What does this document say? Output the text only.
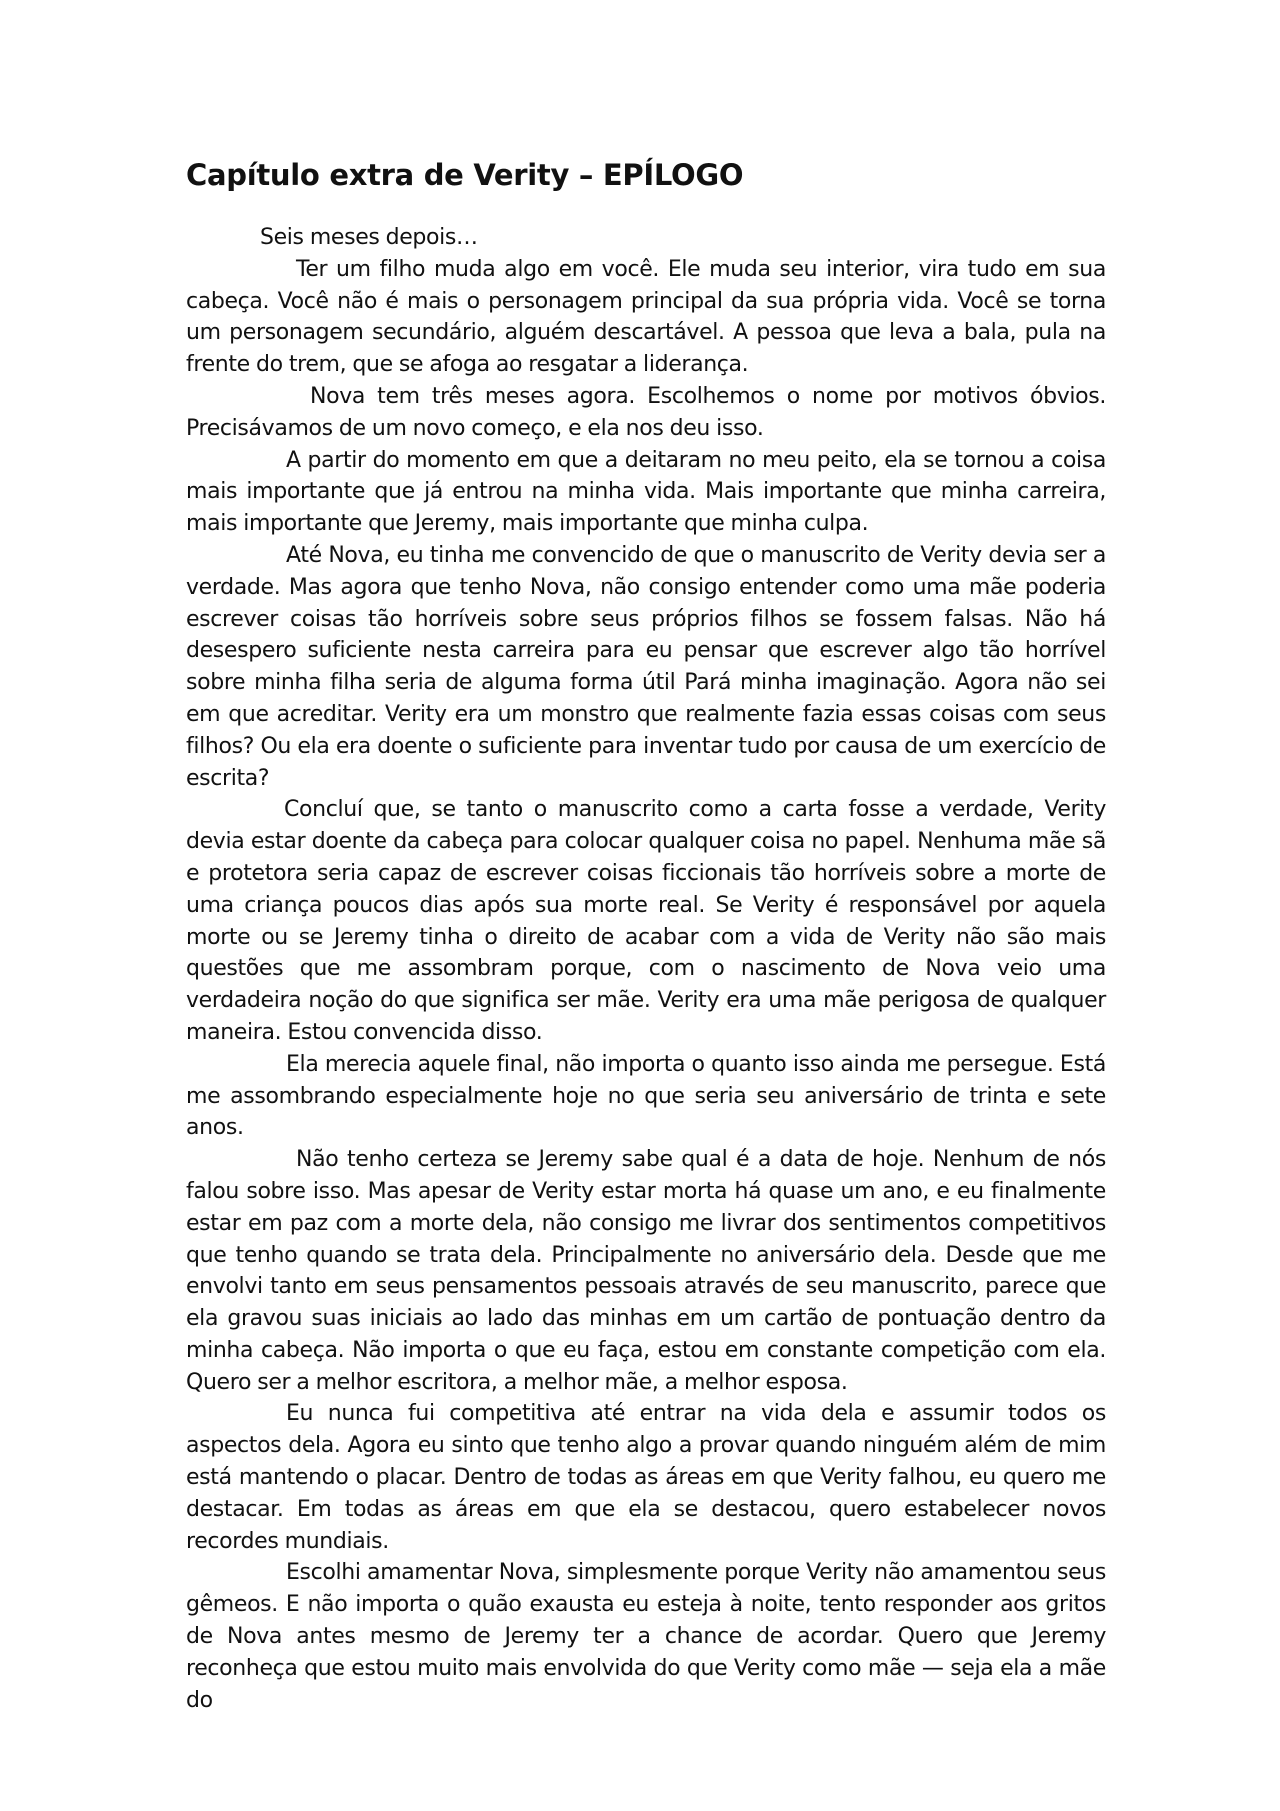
Capítulo extra de Verity – EPÍLOGO

Seis meses depois…

Ter um filho muda algo em você. Ele muda seu interior, vira tudo em sua cabeça. Você não é mais o personagem principal da sua própria vida. Você se torna um personagem secundário, alguém descartável. A pessoa que leva a bala, pula na frente do trem, que se afoga ao resgatar a liderança.

Nova tem três meses agora. Escolhemos o nome por motivos óbvios. Precisávamos de um novo começo, e ela nos deu isso.

A partir do momento em que a deitaram no meu peito, ela se tornou a coisa mais importante que já entrou na minha vida. Mais importante que minha carreira, mais importante que Jeremy, mais importante que minha culpa.

Até Nova, eu tinha me convencido de que o manuscrito de Verity devia ser a verdade. Mas agora que tenho Nova, não consigo entender como uma mãe poderia escrever coisas tão horríveis sobre seus próprios filhos se fossem falsas. Não há desespero suficiente nesta carreira para eu pensar que escrever algo tão horrível sobre minha filha seria de alguma forma útil Pará minha imaginação. Agora não sei em que acreditar. Verity era um monstro que realmente fazia essas coisas com seus filhos? Ou ela era doente o suficiente para inventar tudo por causa de um exercício de escrita?

Concluí que, se tanto o manuscrito como a carta fosse a verdade, Verity devia estar doente da cabeça para colocar qualquer coisa no papel. Nenhuma mãe sã e protetora seria capaz de escrever coisas ficcionais tão horríveis sobre a morte de uma criança poucos dias após sua morte real. Se Verity é responsável por aquela morte ou se Jeremy tinha o direito de acabar com a vida de Verity não são mais questões que me assombram porque, com o nascimento de Nova veio uma verdadeira noção do que significa ser mãe. Verity era uma mãe perigosa de qualquer maneira. Estou convencida disso.

Ela merecia aquele final, não importa o quanto isso ainda me persegue. Está me assombrando especialmente hoje no que seria seu aniversário de trinta e sete anos.

Não tenho certeza se Jeremy sabe qual é a data de hoje. Nenhum de nós falou sobre isso. Mas apesar de Verity estar morta há quase um ano, e eu finalmente estar em paz com a morte dela, não consigo me livrar dos sentimentos competitivos que tenho quando se trata dela. Principalmente no aniversário dela. Desde que me envolvi tanto em seus pensamentos pessoais através de seu manuscrito, parece que ela gravou suas iniciais ao lado das minhas em um cartão de pontuação dentro da minha cabeça. Não importa o que eu faça, estou em constante competição com ela. Quero ser a melhor escritora, a melhor mãe, a melhor esposa.

Eu nunca fui competitiva até entrar na vida dela e assumir todos os aspectos dela. Agora eu sinto que tenho algo a provar quando ninguém além de mim está mantendo o placar. Dentro de todas as áreas em que Verity falhou, eu quero me destacar. Em todas as áreas em que ela se destacou, quero estabelecer novos recordes mundiais.

Escolhi amamentar Nova, simplesmente porque Verity não amamentou seus gêmeos. E não importa o quão exausta eu esteja à noite, tento responder aos gritos de Nova antes mesmo de Jeremy ter a chance de acordar. Quero que Jeremy reconheça que estou muito mais envolvida do que Verity como mãe — seja ela a mãe do
